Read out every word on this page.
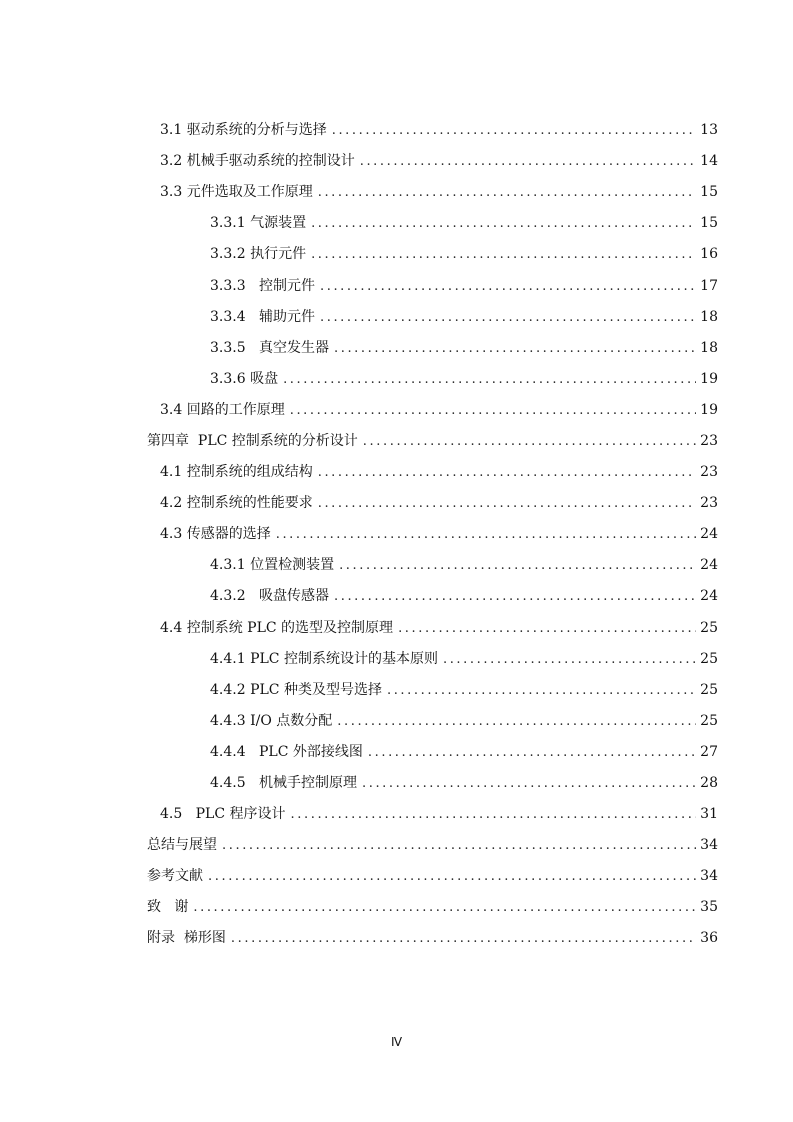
3.1 驱动系统的分析与选择 .....	13
3.2 机械手驱动系统的控制设计 .....	14
3.3 元件选取及工作原理 .....	15
3.3.1 气源装置 .....	15
3.3.2 执行元件 .....	16
3.3.3 控制元件 .....	17
3.3.4 辅助元件 .....	18
3.3.5 真空发生器 .....	18
3.3.6 吸盘 .....	19
3.4 回路的工作原理 .....	19
第四章  PLC 控制系统的分析设计 .....	23
4.1 控制系统的组成结构 .....	23
4.2 控制系统的性能要求 .....	23
4.3 传感器的选择 .....	24
4.3.1 位置检测装置 .....	24
4.3.2 吸盘传感器 .....	24
4.4 控制系统 PLC 的选型及控制原理 .....	25
4.4.1 PLC 控制系统设计的基本原则 .....	25
4.4.2 PLC 种类及型号选择 .....	25
4.4.3 I/O 点数分配 .....	25
4.4.4 PLC 外部接线图 .....	27
4.4.5 机械手控制原理 .....	28
4.5 PLC 程序设计 .....	31
总结与展望 .....	34
参考文献 .....	34
致   谢 .....	35
附录  梯形图 .....	36
Ⅳ
